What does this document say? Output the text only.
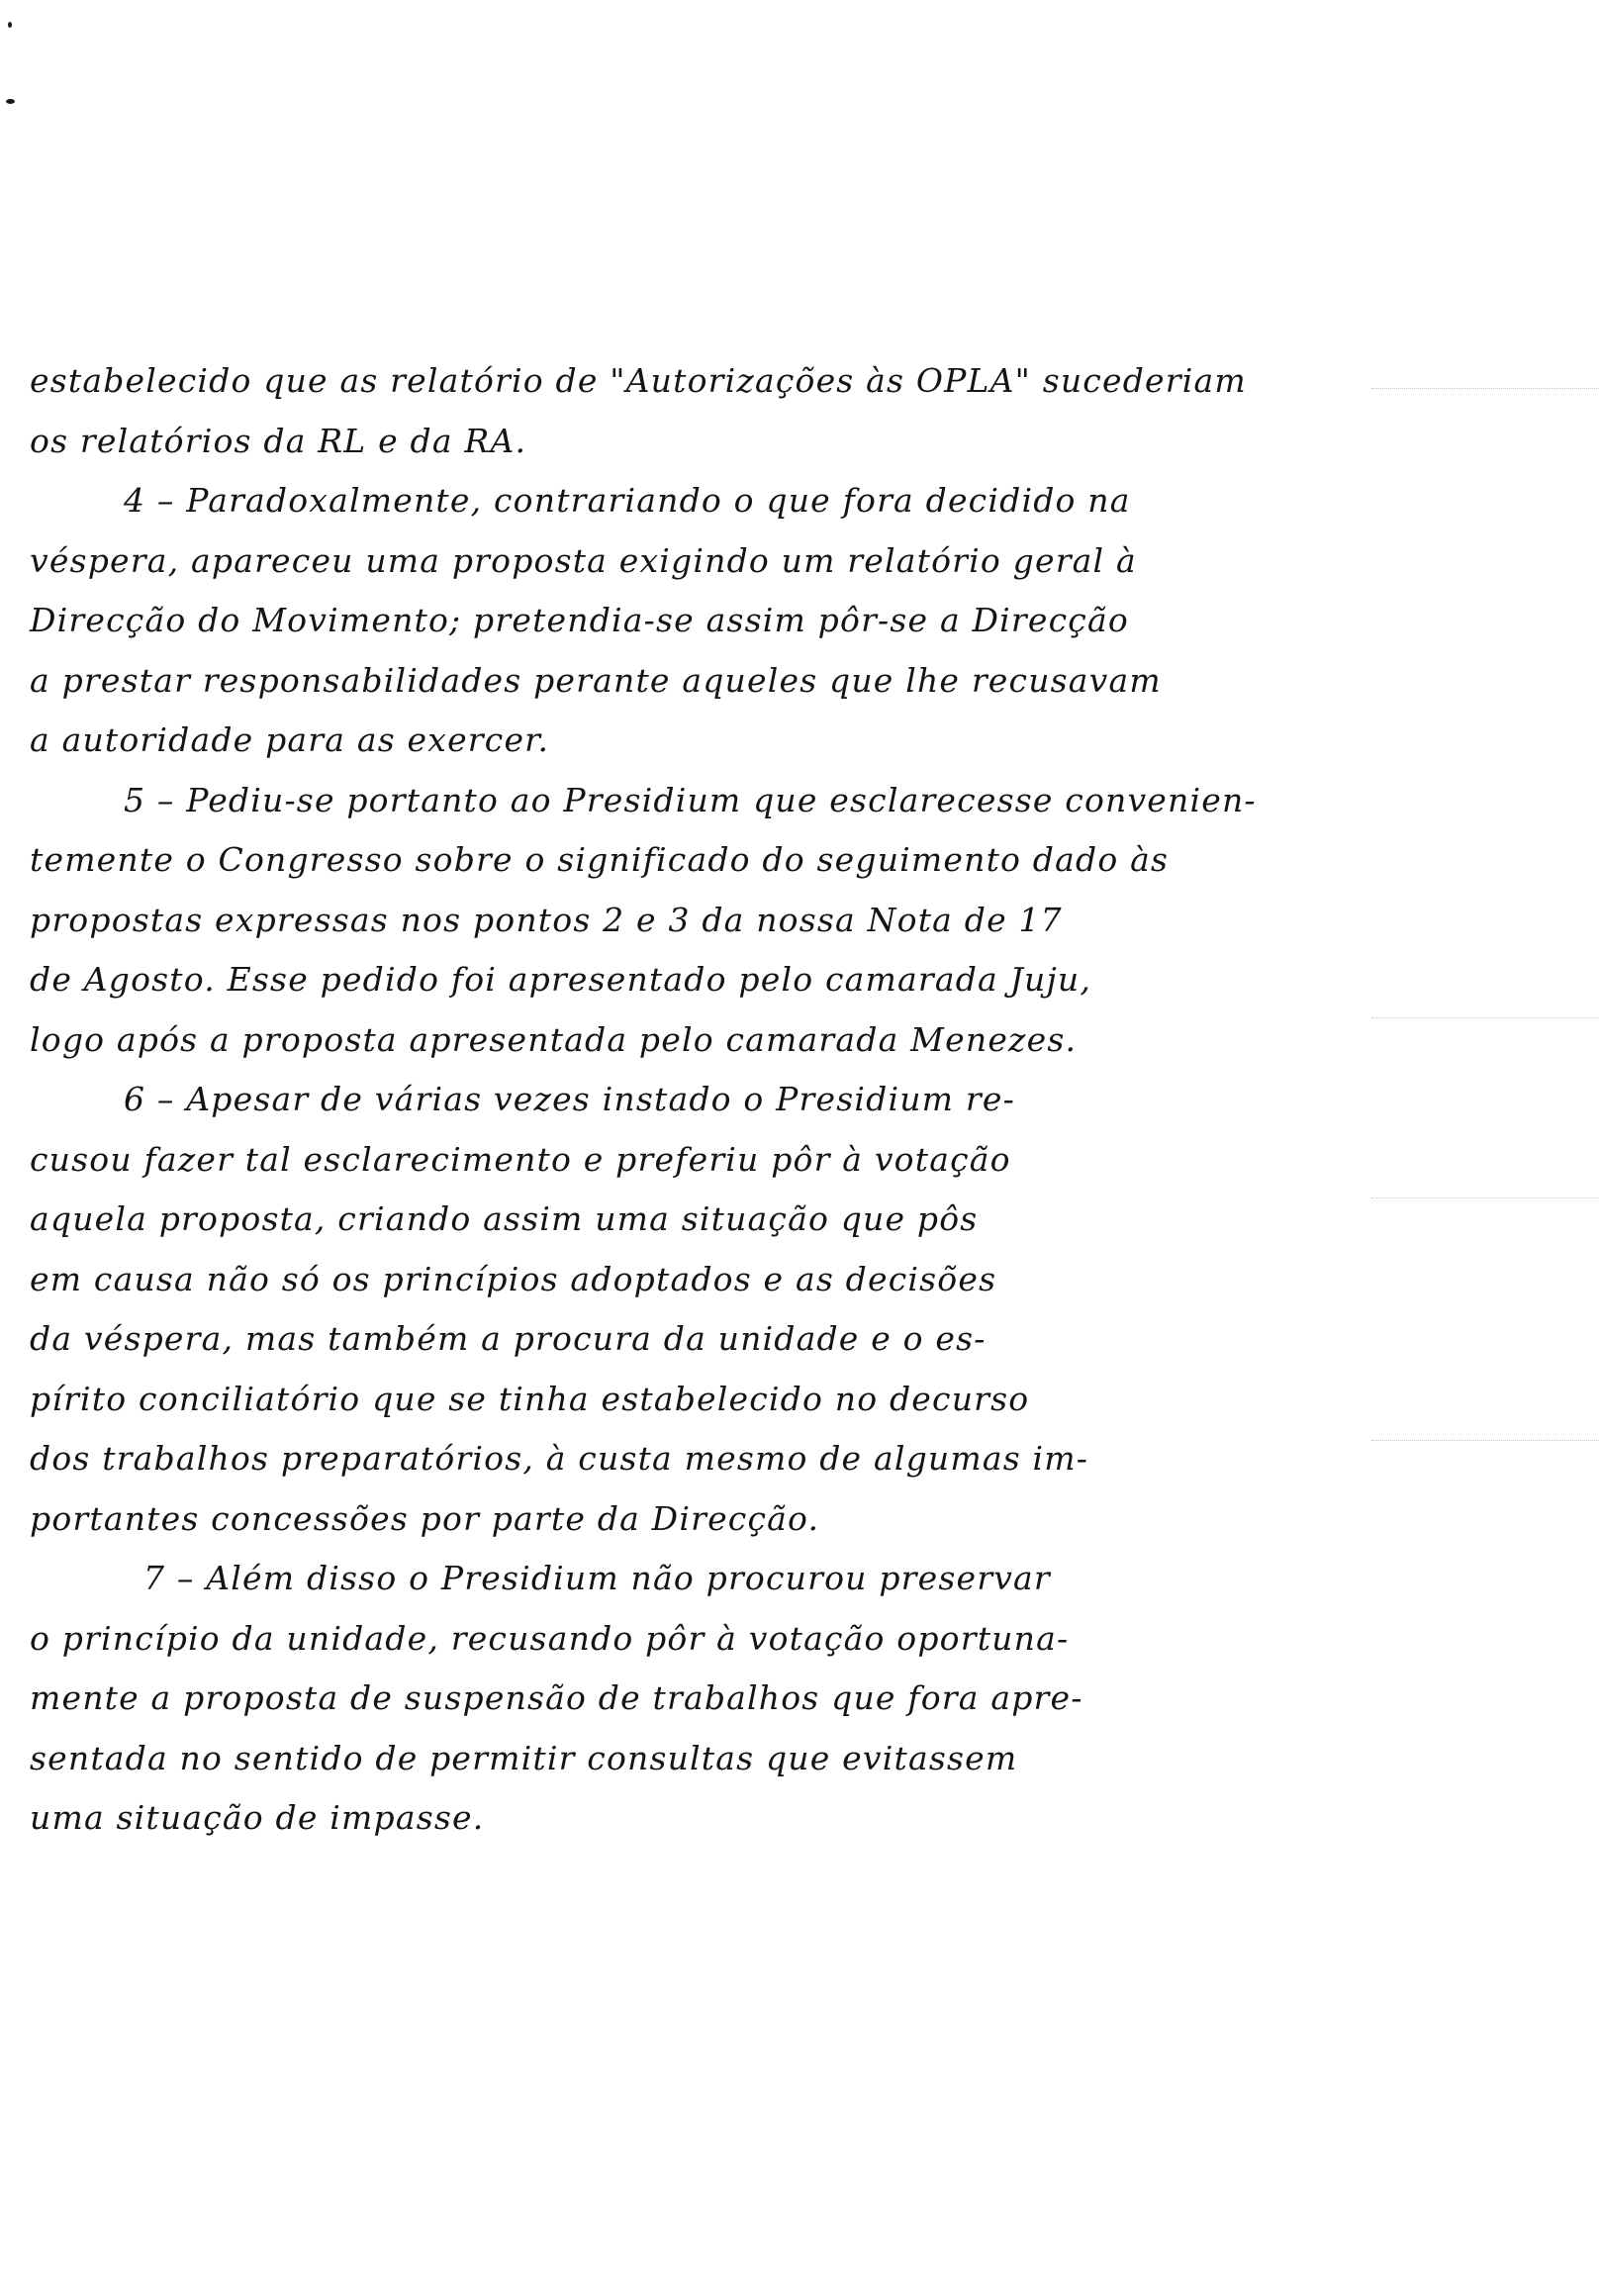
estabelecido que as relatório de "Autorizações às OPLA" sucederiam
os relatórios da RL e da RA.
4 – Paradoxalmente, contrariando o que fora decidido na
véspera, apareceu uma proposta exigindo um relatório geral à
Direcção do Movimento; pretendia-se assim pôr-se a Direcção
a prestar responsabilidades perante aqueles que lhe recusavam
a autoridade para as exercer.
5 – Pediu-se portanto ao Presidium que esclarecesse convenien-
temente o Congresso sobre o significado do seguimento dado às
propostas expressas nos pontos 2 e 3 da nossa Nota de 17
de Agosto. Esse pedido foi apresentado pelo camarada Juju,
logo após a proposta apresentada pelo camarada Menezes.
6 – Apesar de várias vezes instado o Presidium re-
cusou fazer tal esclarecimento e preferiu pôr à votação
aquela proposta, criando assim uma situação que pôs
em causa não só os princípios adoptados e as decisões
da véspera, mas também a procura da unidade e o es-
pírito conciliatório que se tinha estabelecido no decurso
dos trabalhos preparatórios, à custa mesmo de algumas im-
portantes concessões por parte da Direcção.
7 – Além disso o Presidium não procurou preservar
o princípio da unidade, recusando pôr à votação oportuna-
mente a proposta de suspensão de trabalhos que fora apre-
sentada no sentido de permitir consultas que evitassem
uma situação de impasse.
